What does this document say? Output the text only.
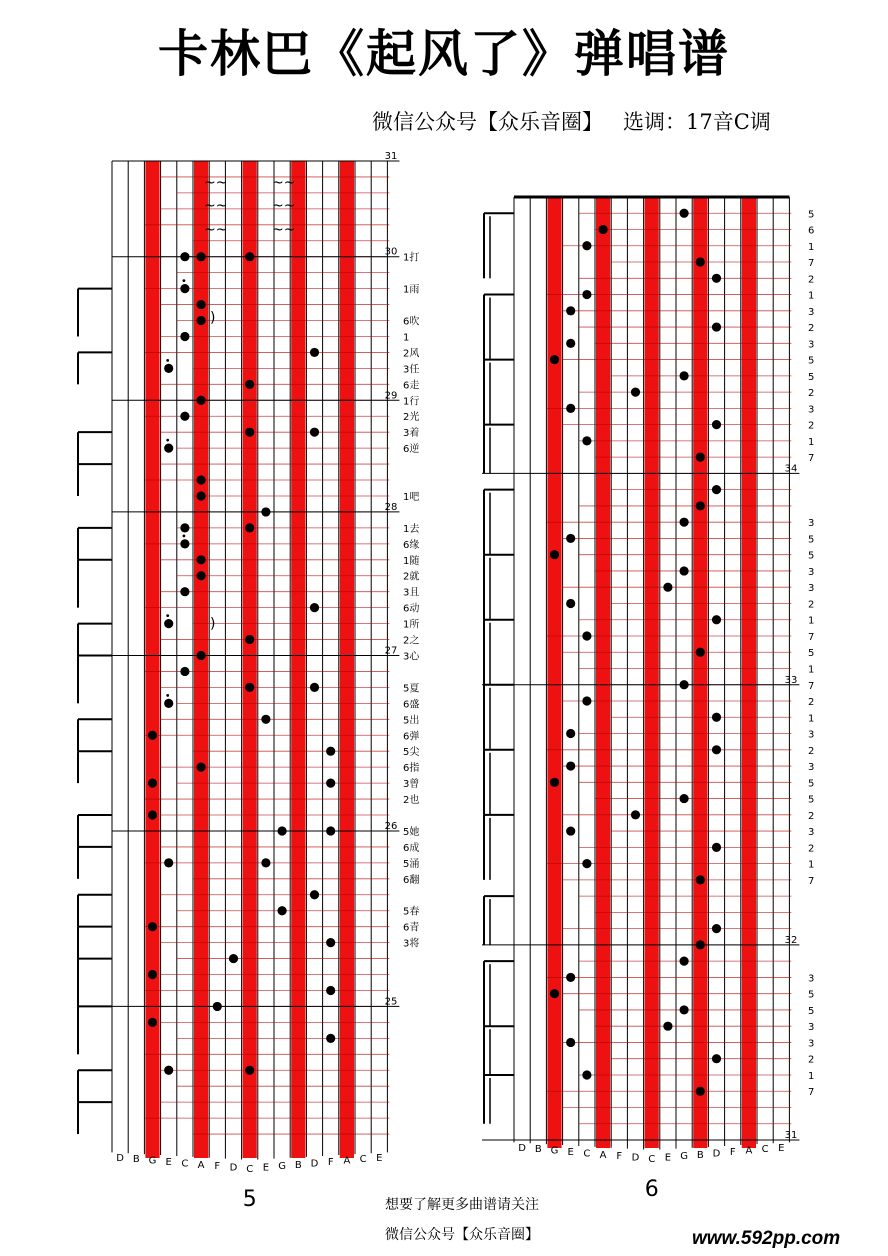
卡林巴《起风了》弹唱谱
微信公众号【众乐音圈】   选调：17音C调
31
30
29
28
27
26
25
D B G E C A F D C E G B D F A C E
1打
1雨
6吹
1
2风
3任
6走
1行
2光
3着
6逆
1吧
1去
6缘
1随
2就
3且
6动
1所
2之
3心
5夏
6盛
5出
6弹
5尖
6指
3曾
2也
5她
6成
5涌
6翻
5春
6青
3将
5
34
33
32
31
D B G E C A F D C E G B D F A C E
5
6
1
7
2
1
3
2
3
5
5
2
3
2
1
7
3
5
5
3
3
2
1
7
5
1
7
2
1
3
2
3
5
5
2
3
2
1
7
3
5
5
3
3
2
1
7
6
~~
~~
~~
~~
~~
~~
)
)
想要了解更多曲谱请关注
微信公众号【众乐音圈】	www.592pp.com
